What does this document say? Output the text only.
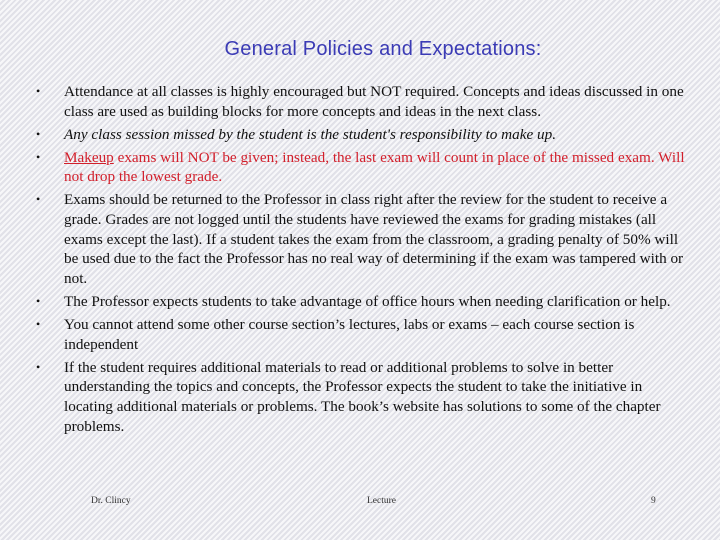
General Policies and Expectations:
• Attendance at all classes is highly encouraged but NOT required. Concepts and ideas discussed in one class are used as building blocks for more concepts and ideas in the next class.
• Any class session missed by the student is the student's responsibility to make up.
• Makeup exams will NOT be given; instead, the last exam will count in place of the missed exam. Will not drop the lowest grade.
• Exams should be returned to the Professor in class right after the review for the student to receive a grade. Grades are not logged until the students have reviewed the exams for grading mistakes (all exams except the last). If a student takes the exam from the classroom, a grading penalty of 50% will be used due to the fact the Professor has no real way of determining if the exam was tampered with or not.
• The Professor expects students to take advantage of office hours when needing clarification or help.
• You cannot attend some other course section’s lectures, labs or exams – each course section is independent
• If the student requires additional materials to read or additional problems to solve in better understanding the topics and concepts, the Professor expects the student to take the initiative in locating additional materials or problems. The book’s website has solutions to some of the chapter problems.
Dr. Clincy	Lecture	9
